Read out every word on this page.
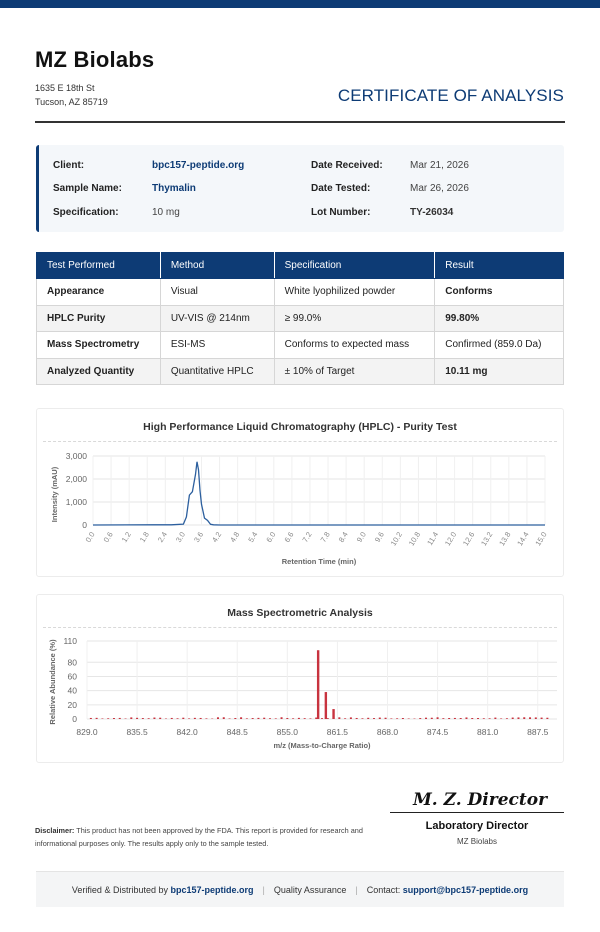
MZ Biolabs
1635 E 18th St
Tucson, AZ 85719	CERTIFICATE OF ANALYSIS
Client:	bpc157-peptide.org
Sample Name:	Thymalin
Specification:	10 mg
Date Received:	Mar 21, 2026
Date Tested:	Mar 26, 2026
Lot Number:	TY-26034
Test Performed	Method	Specification	Result
Appearance	Visual	White lyophilized powder	Conforms
HPLC Purity	UV-VIS @ 214nm	≥ 99.0%	99.80%
Mass Spectrometry	ESI-MS	Conforms to expected mass	Confirmed (859.0 Da)
Analyzed Quantity	Quantitative HPLC	± 10% of Target	10.11 mg
High Performance Liquid Chromatography (HPLC) - Purity Test
0
1,000
2,000
3,000
0.0 0.6 1.2 1.8 2.4 3.0 3.6 4.2 4.8 5.4 6.0 6.6 7.2 7.8 8.4 9.0 9.6 10.2 10.8 11.4 12.0 12.6 13.2 13.8 14.4 15.0
Retention Time (min)
Intensity (mAU)
Mass Spectrometric Analysis
0
20
40
60
80
110
829.0	835.5	842.0	848.5	855.0	861.5	868.0	874.5	881.0	887.5
m/z (Mass-to-Charge Ratio)
Relative Abundance (%)
Disclaimer: This product has not been approved by the FDA. This report is provided for research and informational purposes only. The results apply only to the sample tested.
M. Z. Director
Laboratory Director
MZ Biolabs
Verified & Distributed by
bpc157-peptide.org | Quality Assurance | Contact:
support@bpc157-peptide.org
